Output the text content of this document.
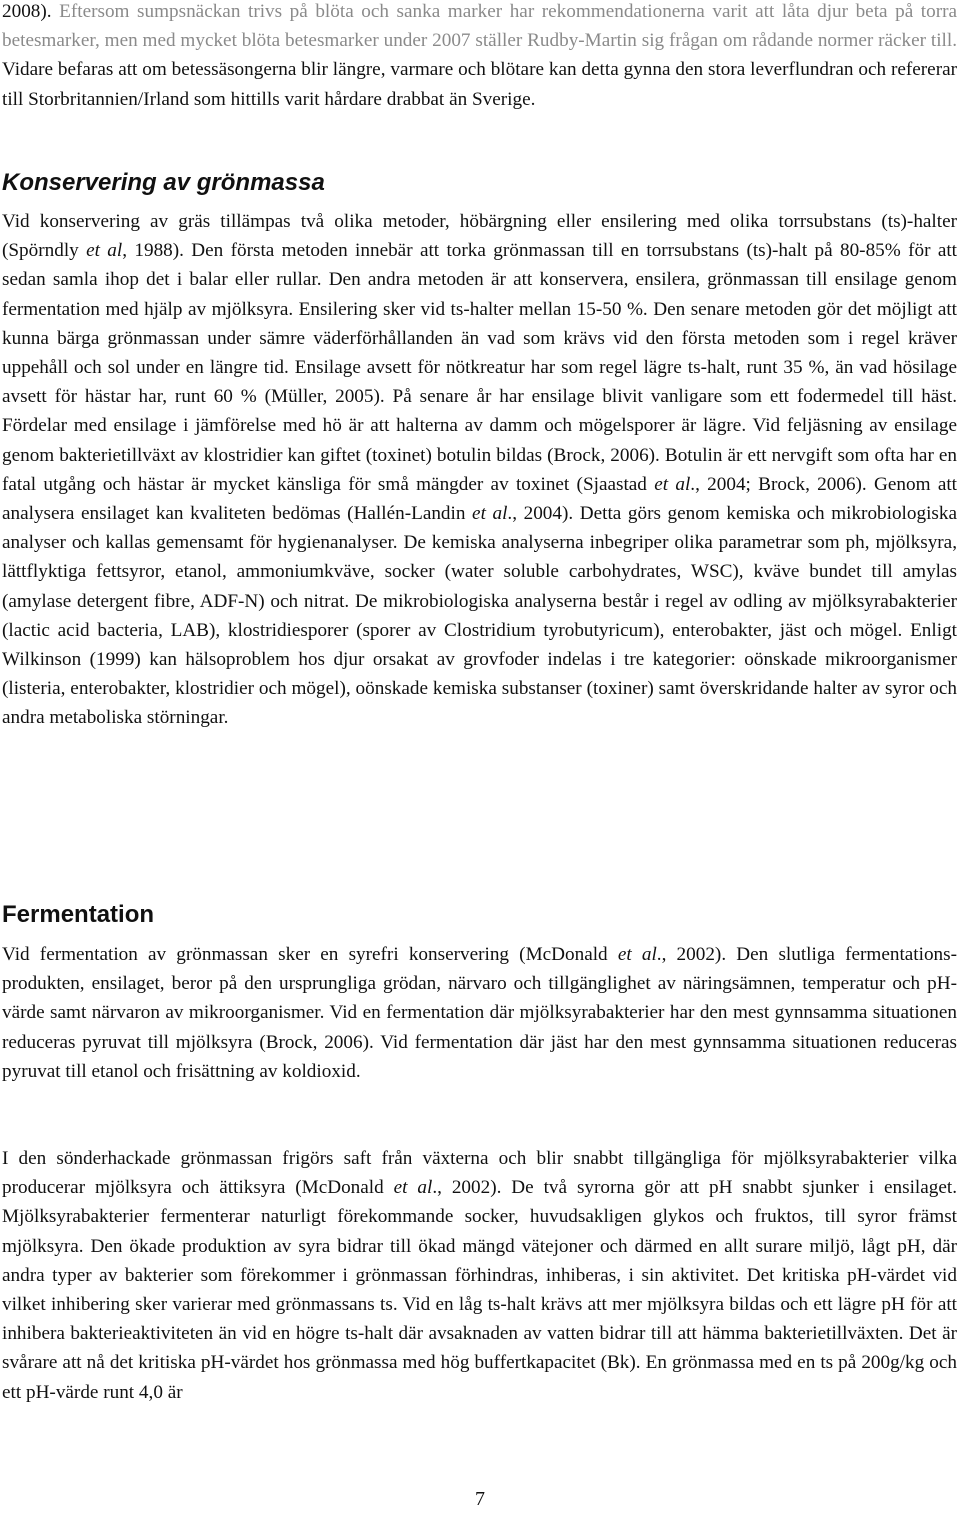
2008). Eftersom sumpsnäckan trivs på blöta och sanka marker har rekommendationerna varit att låta djur beta på torra betesmarker, men med mycket blöta betesmarker under 2007 ställer Rudby-Martin sig frågan om rådande normer räcker till. Vidare befaras att om betessäsongerna blir längre, varmare och blötare kan detta gynna den stora leverflundran och refererar till Storbritannien/Irland som hittills varit hårdare drabbat än Sverige.

Konservering av grönmassa

Vid konservering av gräs tillämpas två olika metoder, höbärgning eller ensilering med olika torrsubstans (ts)-halter (Spörndly et al, 1988). Den första metoden innebär att torka grönmassan till en torrsubstans (ts)-halt på 80-85% för att sedan samla ihop det i balar eller rullar. Den andra metoden är att konservera, ensilera, grönmassan till ensilage genom fermentation med hjälp av mjölksyra. Ensilering sker vid ts-halter mellan 15-50 %. Den senare metoden gör det möjligt att kunna bärga grönmassan under sämre väderförhållanden än vad som krävs vid den första metoden som i regel kräver uppehåll och sol under en längre tid. Ensilage avsett för nötkreatur har som regel lägre ts-halt, runt 35 %, än vad hösilage avsett för hästar har, runt 60 % (Müller, 2005). På senare år har ensilage blivit vanligare som ett fodermedel till häst. Fördelar med ensilage i jämförelse med hö är att halterna av damm och mögelsporer är lägre. Vid feljäsning av ensilage genom bakterietillväxt av klostridier kan giftet (toxinet) botulin bildas (Brock, 2006). Botulin är ett nervgift som ofta har en fatal utgång och hästar är mycket känsliga för små mängder av toxinet (Sjaastad et al., 2004; Brock, 2006). Genom att analysera ensilaget kan kvaliteten bedömas (Hallén-Landin et al., 2004). Detta görs genom kemiska och mikrobiologiska analyser och kallas gemensamt för hygienanalyser. De kemiska analyserna inbegriper olika parametrar som ph, mjölksyra, lättflyktiga fettsyror, etanol, ammoniumkväve, socker (water soluble carbohydrates, WSC), kväve bundet till amylas (amylase detergent fibre, ADF-N) och nitrat. De mikrobiologiska analyserna består i regel av odling av mjölksyrabakterier (lactic acid bacteria, LAB), klostridiesporer (sporer av Clostridium tyrobutyricum), enterobakter, jäst och mögel. Enligt Wilkinson (1999) kan hälsoproblem hos djur orsakat av grovfoder indelas i tre kategorier: oönskade mikroorganismer (listeria, enterobakter, klostridier och mögel), oönskade kemiska substanser (toxiner) samt överskridande halter av syror och andra metaboliska störningar.

Fermentation

Vid fermentation av grönmassan sker en syrefri konservering (McDonald et al., 2002). Den slutliga fermentations- produkten, ensilaget, beror på den ursprungliga grödan, närvaro och tillgänglighet av näringsämnen, temperatur och pH-värde samt närvaron av mikroorganismer. Vid en fermentation där mjölksyrabakterier har den mest gynnsamma situationen reduceras pyruvat till mjölksyra (Brock, 2006). Vid fermentation där jäst har den mest gynnsamma situationen reduceras pyruvat till etanol och frisättning av koldioxid.

I den sönderhackade grönmassan frigörs saft från växterna och blir snabbt tillgängliga för mjölksyrabakterier vilka producerar mjölksyra och ättiksyra (McDonald et al., 2002). De två syrorna gör att pH snabbt sjunker i ensilaget. Mjölksyrabakterier fermenterar naturligt förekommande socker, huvudsakligen glykos och fruktos, till syror främst mjölksyra. Den ökade produktion av syra bidrar till ökad mängd vätejoner och därmed en allt surare miljö, lågt pH, där andra typer av bakterier som förekommer i grönmassan förhindras, inhiberas, i sin aktivitet. Det kritiska pH-värdet vid vilket inhibering sker varierar med grönmassans ts. Vid en låg ts-halt krävs att mer mjölksyra bildas och ett lägre pH för att inhibera bakterieaktiviteten än vid en högre ts-halt där avsaknaden av vatten bidrar till att hämma bakterietillväxten. Det är svårare att nå det kritiska pH-värdet hos grönmassa med hög buffertkapacitet (Bk). En grönmassa med en ts på 200g/kg och ett pH-värde runt 4,0 är

7
